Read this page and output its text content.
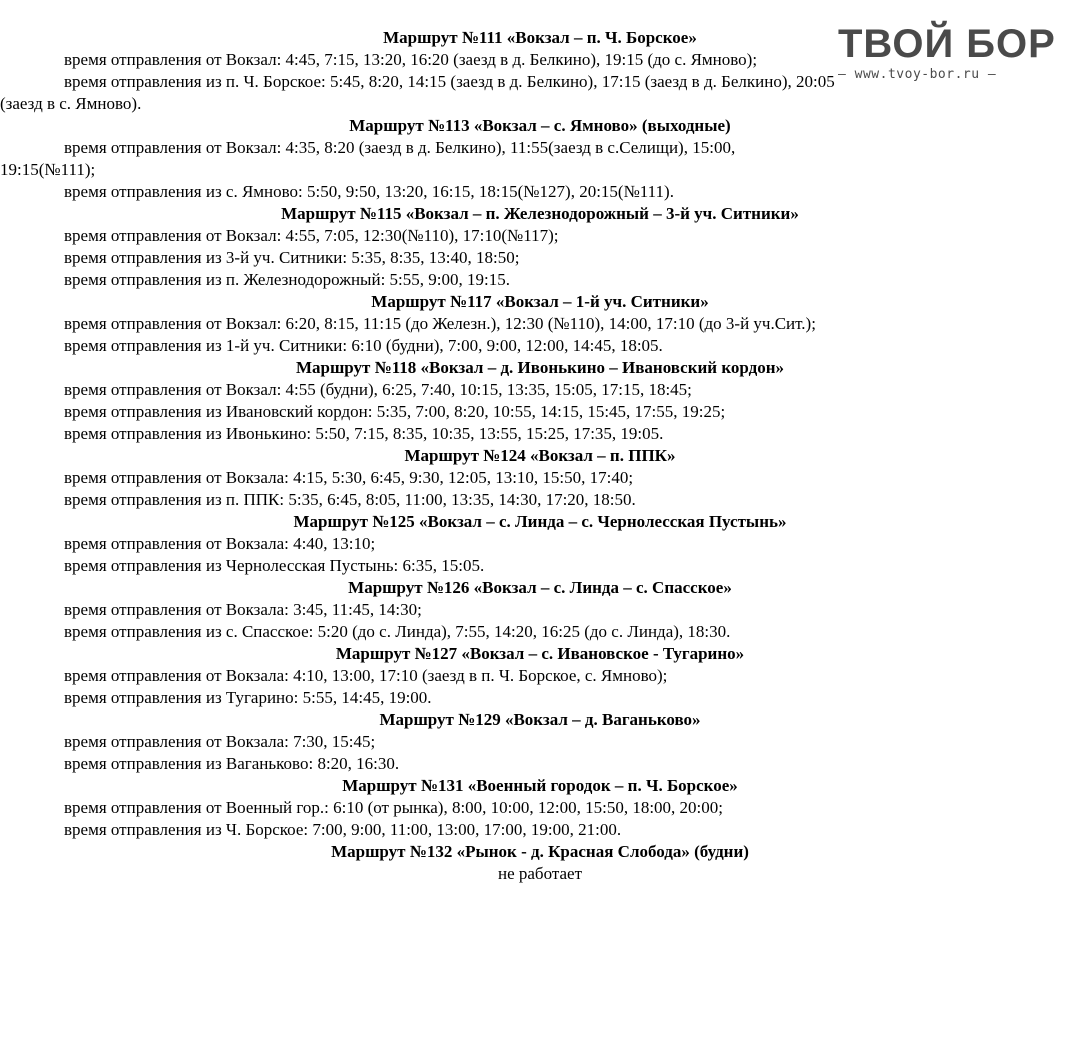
ТВОЙ БОР
– www.tvoy-bor.ru –
Маршрут №111 «Вокзал – п. Ч. Борское»
время отправления от Вокзал: 4:45, 7:15, 13:20, 16:20 (заезд в д. Белкино), 19:15 (до с. Ямново);
время отправления из п. Ч. Борское: 5:45, 8:20, 14:15 (заезд в д. Белкино), 17:15 (заезд в д. Белкино), 20:05
(заезд в с. Ямново).
Маршрут №113 «Вокзал – с. Ямново» (выходные)
время отправления от Вокзал: 4:35, 8:20 (заезд в д. Белкино), 11:55(заезд в с.Селищи), 15:00,
19:15(№111);
время отправления из с. Ямново: 5:50, 9:50, 13:20, 16:15, 18:15(№127), 20:15(№111).
Маршрут №115 «Вокзал – п. Железнодорожный – 3-й уч. Ситники»
время отправления от Вокзал: 4:55, 7:05, 12:30(№110), 17:10(№117);
время отправления из 3-й уч. Ситники: 5:35, 8:35, 13:40, 18:50;
время отправления из п. Железнодорожный: 5:55, 9:00, 19:15.
Маршрут №117 «Вокзал – 1-й уч. Ситники»
время отправления от Вокзал: 6:20, 8:15, 11:15 (до Железн.), 12:30 (№110), 14:00, 17:10 (до 3-й уч.Сит.);
время отправления из 1-й уч. Ситники: 6:10 (будни), 7:00, 9:00, 12:00, 14:45, 18:05.
Маршрут №118 «Вокзал – д. Ивонькино – Ивановский кордон»
время отправления от Вокзал: 4:55 (будни), 6:25, 7:40, 10:15, 13:35, 15:05, 17:15, 18:45;
время отправления из Ивановский кордон: 5:35, 7:00, 8:20, 10:55, 14:15, 15:45, 17:55, 19:25;
время отправления из Ивонькино: 5:50, 7:15, 8:35, 10:35, 13:55, 15:25, 17:35, 19:05.
Маршрут №124 «Вокзал – п. ППК»
время отправления от Вокзала: 4:15, 5:30, 6:45, 9:30, 12:05, 13:10, 15:50, 17:40;
время отправления из п. ППК: 5:35, 6:45, 8:05, 11:00, 13:35, 14:30, 17:20, 18:50.
Маршрут №125 «Вокзал – с. Линда – с. Чернолесская Пустынь»
время отправления от Вокзала: 4:40, 13:10;
время отправления из Чернолесская Пустынь: 6:35, 15:05.
Маршрут №126 «Вокзал – с. Линда – с. Спасское»
время отправления от Вокзала: 3:45, 11:45, 14:30;
время отправления из с. Спасское: 5:20 (до с. Линда), 7:55, 14:20, 16:25 (до с. Линда), 18:30.
Маршрут №127 «Вокзал – с. Ивановское - Тугарино»
время отправления от Вокзала: 4:10, 13:00, 17:10 (заезд в п. Ч. Борское, с. Ямново);
время отправления из Тугарино: 5:55, 14:45, 19:00.
Маршрут №129 «Вокзал – д. Ваганьково»
время отправления от Вокзала: 7:30, 15:45;
время отправления из Ваганьково: 8:20, 16:30.
Маршрут №131 «Военный городок – п. Ч. Борское»
время отправления от Военный гор.: 6:10 (от рынка), 8:00, 10:00, 12:00, 15:50, 18:00, 20:00;
время отправления из Ч. Борское: 7:00, 9:00, 11:00, 13:00, 17:00, 19:00, 21:00.
Маршрут №132 «Рынок - д. Красная Слобода» (будни)
не работает
